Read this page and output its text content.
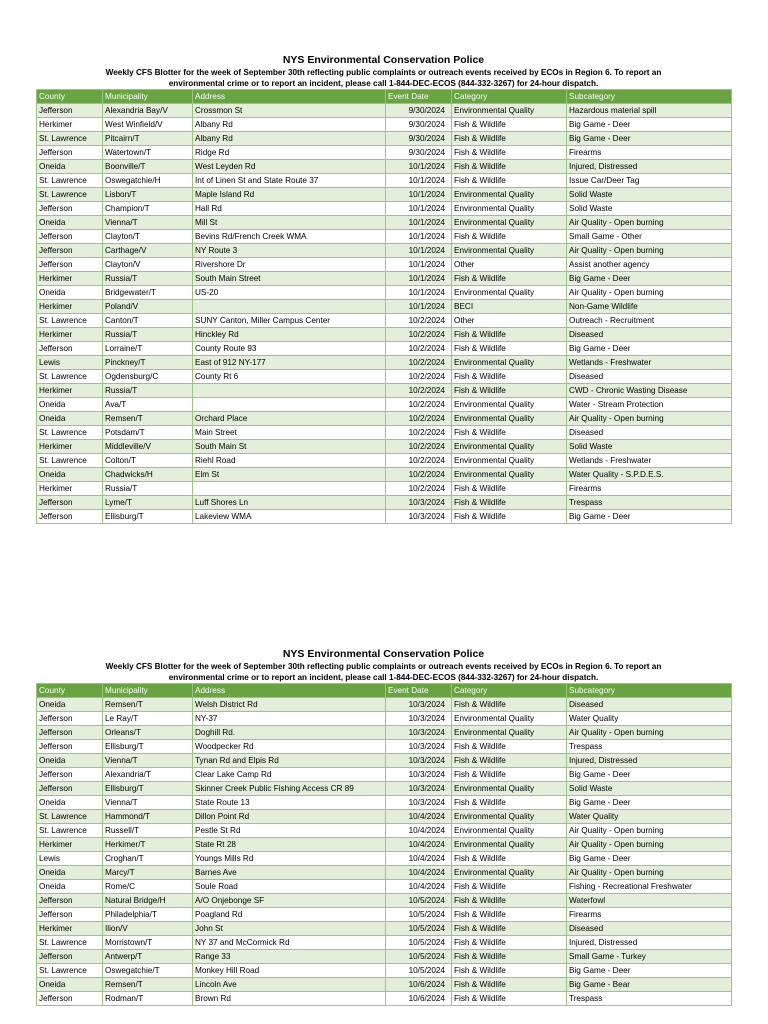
NYS Environmental Conservation Police
Weekly CFS Blotter for the week of September 30th reflecting public complaints or outreach events received by ECOs in Region 6. To report an
environmental crime or to report an incident, please call 1-844-DEC-ECOS (844-332-3267) for 24-hour dispatch.
County	Municipality	Address	Event Date	Category	Subcategory
Jefferson	Alexandria Bay/V	Crossmon St	9/30/2024	Environmental Quality	Hazardous material spill
Herkimer	West Winfield/V	Albany Rd	9/30/2024	Fish & Wildlife	Big Game - Deer
St. Lawrence	Pitcairn/T	Albany Rd	9/30/2024	Fish & Wildlife	Big Game - Deer
Jefferson	Watertown/T	Ridge Rd	9/30/2024	Fish & Wildlife	Firearms
Oneida	Boonville/T	West Leyden Rd	10/1/2024	Fish & Wildlife	Injured, Distressed
St. Lawrence	Oswegatchie/H	Int of Linen St and State Route 37	10/1/2024	Fish & Wildlife	Issue Car/Deer Tag
St. Lawrence	Lisbon/T	Maple Island Rd	10/1/2024	Environmental Quality	Solid Waste
Jefferson	Champion/T	Hall Rd	10/1/2024	Environmental Quality	Solid Waste
Oneida	Vienna/T	Mill St	10/1/2024	Environmental Quality	Air Quality - Open burning
Jefferson	Clayton/T	Bevins Rd/French Creek WMA	10/1/2024	Fish & Wildlife	Small Game - Other
Jefferson	Carthage/V	NY Route 3	10/1/2024	Environmental Quality	Air Quality - Open burning
Jefferson	Clayton/V	Rivershore Dr	10/1/2024	Other	Assist another agency
Herkimer	Russia/T	South Main Street	10/1/2024	Fish & Wildlife	Big Game - Deer
Oneida	Bridgewater/T	US-20	10/1/2024	Environmental Quality	Air Quality - Open burning
Herkimer	Poland/V		10/1/2024	BECI	Non-Game Wildlife
St. Lawrence	Canton/T	SUNY Canton, Miller Campus Center	10/2/2024	Other	Outreach - Recruitment
Herkimer	Russia/T	Hinckley Rd	10/2/2024	Fish & Wildlife	Diseased
Jefferson	Lorraine/T	County Route 93	10/2/2024	Fish & Wildlife	Big Game - Deer
Lewis	Pinckney/T	East of 912 NY-177	10/2/2024	Environmental Quality	Wetlands - Freshwater
St. Lawrence	Ogdensburg/C	County Rt 6	10/2/2024	Fish & Wildlife	Diseased
Herkimer	Russia/T		10/2/2024	Fish & Wildlife	CWD - Chronic Wasting Disease
Oneida	Ava/T		10/2/2024	Environmental Quality	Water - Stream Protection
Oneida	Remsen/T	Orchard Place	10/2/2024	Environmental Quality	Air Quality - Open burning
St. Lawrence	Potsdam/T	Main Street	10/2/2024	Fish & Wildlife	Diseased
Herkimer	Middleville/V	South Main St	10/2/2024	Environmental Quality	Solid Waste
St. Lawrence	Colton/T	Riehl Road	10/2/2024	Environmental Quality	Wetlands - Freshwater
Oneida	Chadwicks/H	Elm St	10/2/2024	Environmental Quality	Water Quality - S.P.D.E.S.
Herkimer	Russia/T		10/2/2024	Fish & Wildlife	Firearms
Jefferson	Lyme/T	Luff Shores Ln	10/3/2024	Fish & Wildlife	Trespass
Jefferson	Ellisburg/T	Lakeview WMA	10/3/2024	Fish & Wildlife	Big Game - Deer
NYS Environmental Conservation Police
Weekly CFS Blotter for the week of September 30th reflecting public complaints or outreach events received by ECOs in Region 6. To report an
environmental crime or to report an incident, please call 1-844-DEC-ECOS (844-332-3267) for 24-hour dispatch.
County	Municipality	Address	Event Date	Category	Subcategory
Oneida	Remsen/T	Welsh District Rd	10/3/2024	Fish & Wildlife	Diseased
Jefferson	Le Ray/T	NY-37	10/3/2024	Environmental Quality	Water Quality
Jefferson	Orleans/T	Doghill Rd.	10/3/2024	Environmental Quality	Air Quality - Open burning
Jefferson	Ellisburg/T	Woodpecker Rd	10/3/2024	Fish & Wildlife	Trespass
Oneida	Vienna/T	Tynan Rd and Elpis Rd	10/3/2024	Fish & Wildlife	Injured, Distressed
Jefferson	Alexandria/T	Clear Lake Camp Rd	10/3/2024	Fish & Wildlife	Big Game - Deer
Jefferson	Ellisburg/T	Skinner Creek Public Fishing Access CR 89	10/3/2024	Environmental Quality	Solid Waste
Oneida	Vienna/T	State Route 13	10/3/2024	Fish & Wildlife	Big Game - Deer
St. Lawrence	Hammond/T	Dillon Point Rd	10/4/2024	Environmental Quality	Water Quality
St. Lawrence	Russell/T	Pestle St Rd	10/4/2024	Environmental Quality	Air Quality - Open burning
Herkimer	Herkimer/T	State Rt 28	10/4/2024	Environmental Quality	Air Quality - Open burning
Lewis	Croghan/T	Youngs Mills Rd	10/4/2024	Fish & Wildlife	Big Game - Deer
Oneida	Marcy/T	Barnes Ave	10/4/2024	Environmental Quality	Air Quality - Open burning
Oneida	Rome/C	Soule Road	10/4/2024	Fish & Wildlife	Fishing - Recreational Freshwater
Jefferson	Natural Bridge/H	A/O Onjebonge SF	10/5/2024	Fish & Wildlife	Waterfowl
Jefferson	Philadelphia/T	Poagland Rd	10/5/2024	Fish & Wildlife	Firearms
Herkimer	Ilion/V	John St	10/5/2024	Fish & Wildlife	Diseased
St. Lawrence	Morristown/T	NY 37 and McCormick Rd	10/5/2024	Fish & Wildlife	Injured, Distressed
Jefferson	Antwerp/T	Range 33	10/5/2024	Fish & Wildlife	Small Game - Turkey
St. Lawrence	Oswegatchie/T	Monkey Hill Road	10/5/2024	Fish & Wildlife	Big Game - Deer
Oneida	Remsen/T	Lincoln Ave	10/6/2024	Fish & Wildlife	Big Game - Bear
Jefferson	Rodman/T	Brown Rd	10/6/2024	Fish & Wildlife	Trespass
